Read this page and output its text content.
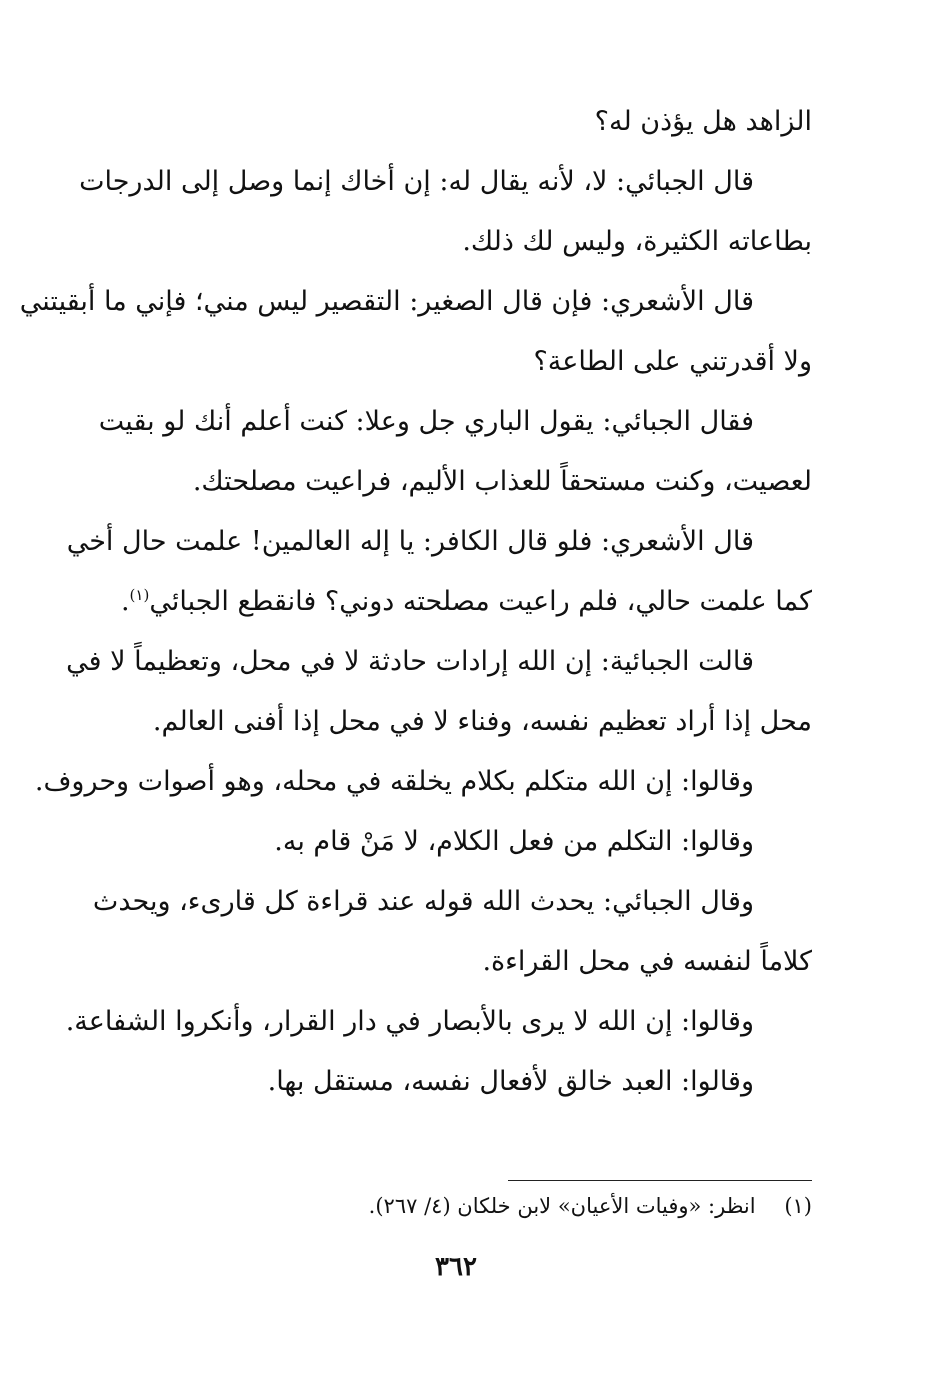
الزاهد هل يؤذن له؟
قال الجبائي: لا، لأنه يقال له: إن أخاك إنما وصل إلى الدرجات
بطاعاته الكثيرة، وليس لك ذلك.
قال الأشعري: فإن قال الصغير: التقصير ليس مني؛ فإني ما أبقيتني
ولا أقدرتني على الطاعة؟
فقال الجبائي: يقول الباري جل وعلا: كنت أعلم أنك لو بقيت
لعصيت، وكنت مستحقاً للعذاب الأليم، فراعيت مصلحتك.
قال الأشعري: فلو قال الكافر: يا إله العالمين! علمت حال أخي
كما علمت حالي، فلم راعيت مصلحته دوني؟ فانقطع الجبائي$^{(١)}$.
قالت الجبائية: إن الله إرادات حادثة لا في محل، وتعظيماً لا في
محل إذا أراد تعظيم نفسه، وفناء لا في محل إذا أفنى العالم.
وقالوا: إن الله متكلم بكلام يخلقه في محله، وهو أصوات وحروف.
وقالوا: التكلم من فعل الكلام، لا مَنْ قام به.
وقال الجبائي: يحدث الله قوله عند قراءة كل قارىء، ويحدث
كلاماً لنفسه في محل القراءة.
وقالوا: إن الله لا يرى بالأبصار في دار القرار، وأنكروا الشفاعة.
وقالوا: العبد خالق لأفعال نفسه، مستقل بها.
(١) انظر: «وفيات الأعيان» لابن خلكان (٤/ ٢٦٧).
٣٦٢
